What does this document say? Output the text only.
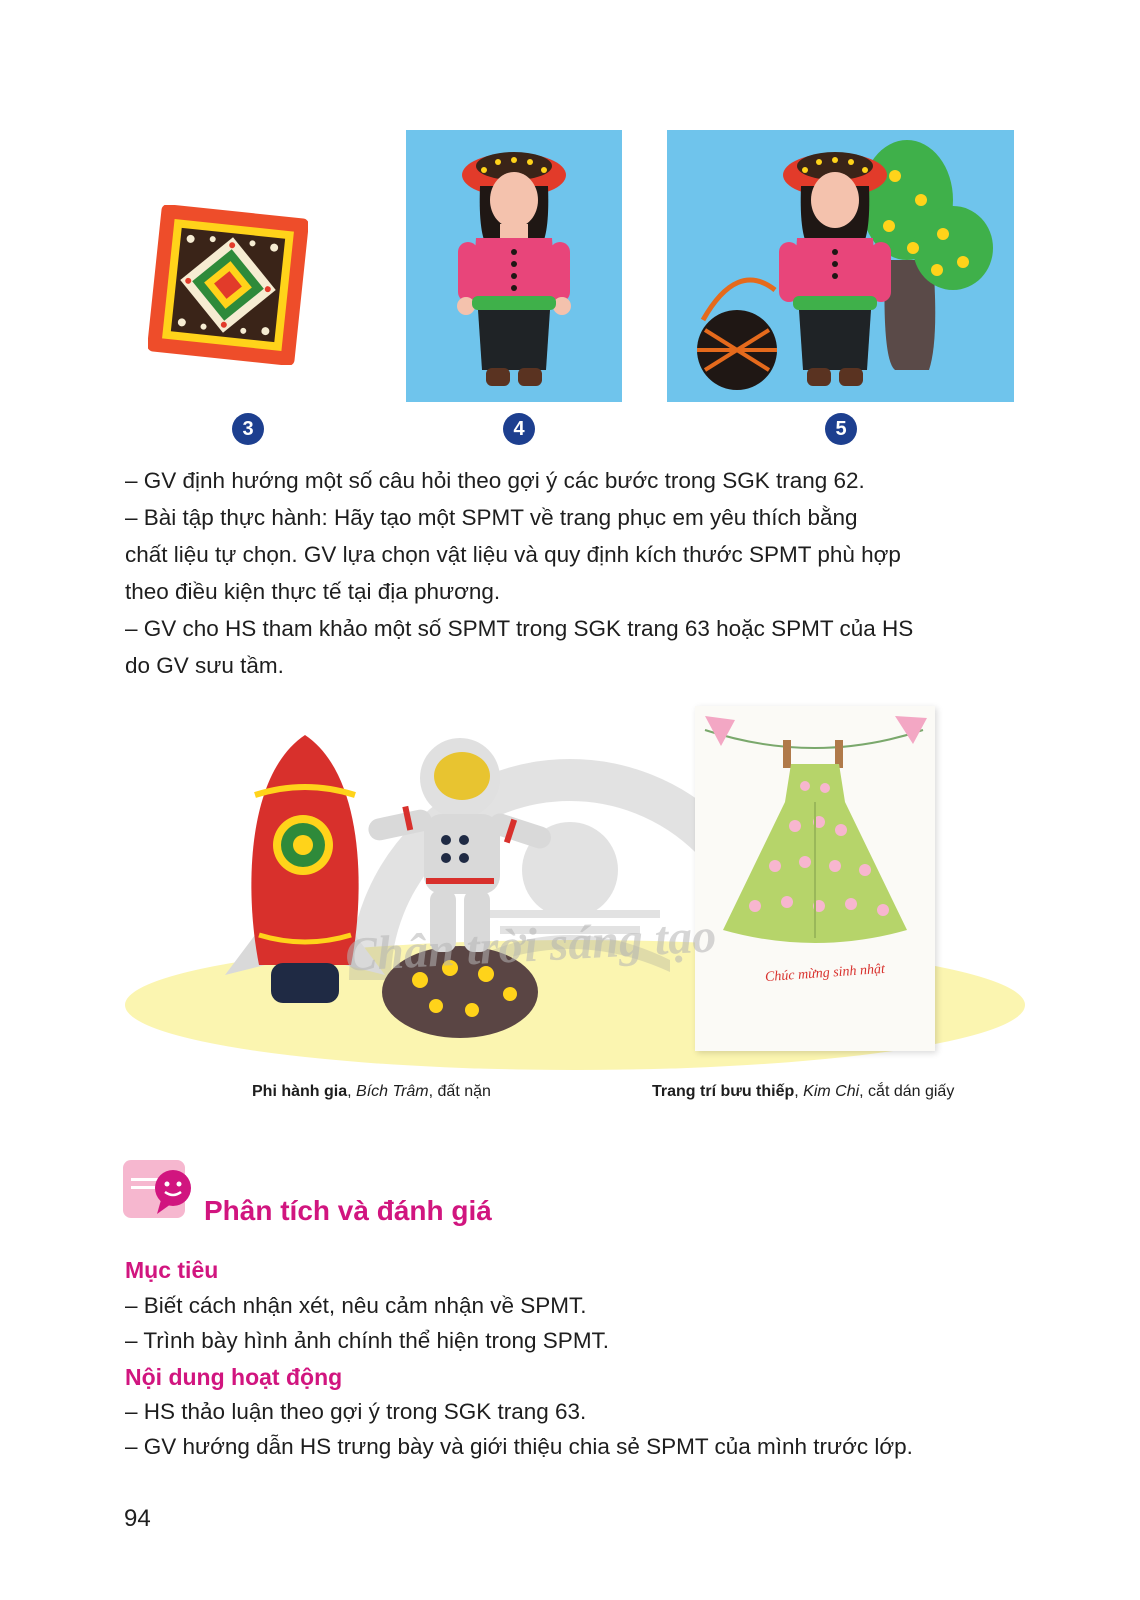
3	4	5
– GV định hướng một số câu hỏi theo gợi ý các bước trong SGK trang 62.
– Bài tập thực hành: Hãy tạo một SPMT về trang phục em yêu thích bằng
chất liệu tự chọn. GV lựa chọn vật liệu và quy định kích thước SPMT phù hợp
theo điều kiện thực tế tại địa phương.
– GV cho HS tham khảo một số SPMT trong SGK trang 63 hoặc SPMT của HS
do GV sưu tầm.
Chúc mừng sinh nhật
Chân trời sáng tạo
Phi hành gia, Bích Trâm, đất nặn	Trang trí bưu thiếp, Kim Chi, cắt dán giấy
Phân tích và đánh giá
Mục tiêu
– Biết cách nhận xét, nêu cảm nhận về SPMT.
– Trình bày hình ảnh chính thể hiện trong SPMT.
Nội dung hoạt động
– HS thảo luận theo gợi ý trong SGK trang 63.
– GV hướng dẫn HS trưng bày và giới thiệu chia sẻ SPMT của mình trước lớp.
94
